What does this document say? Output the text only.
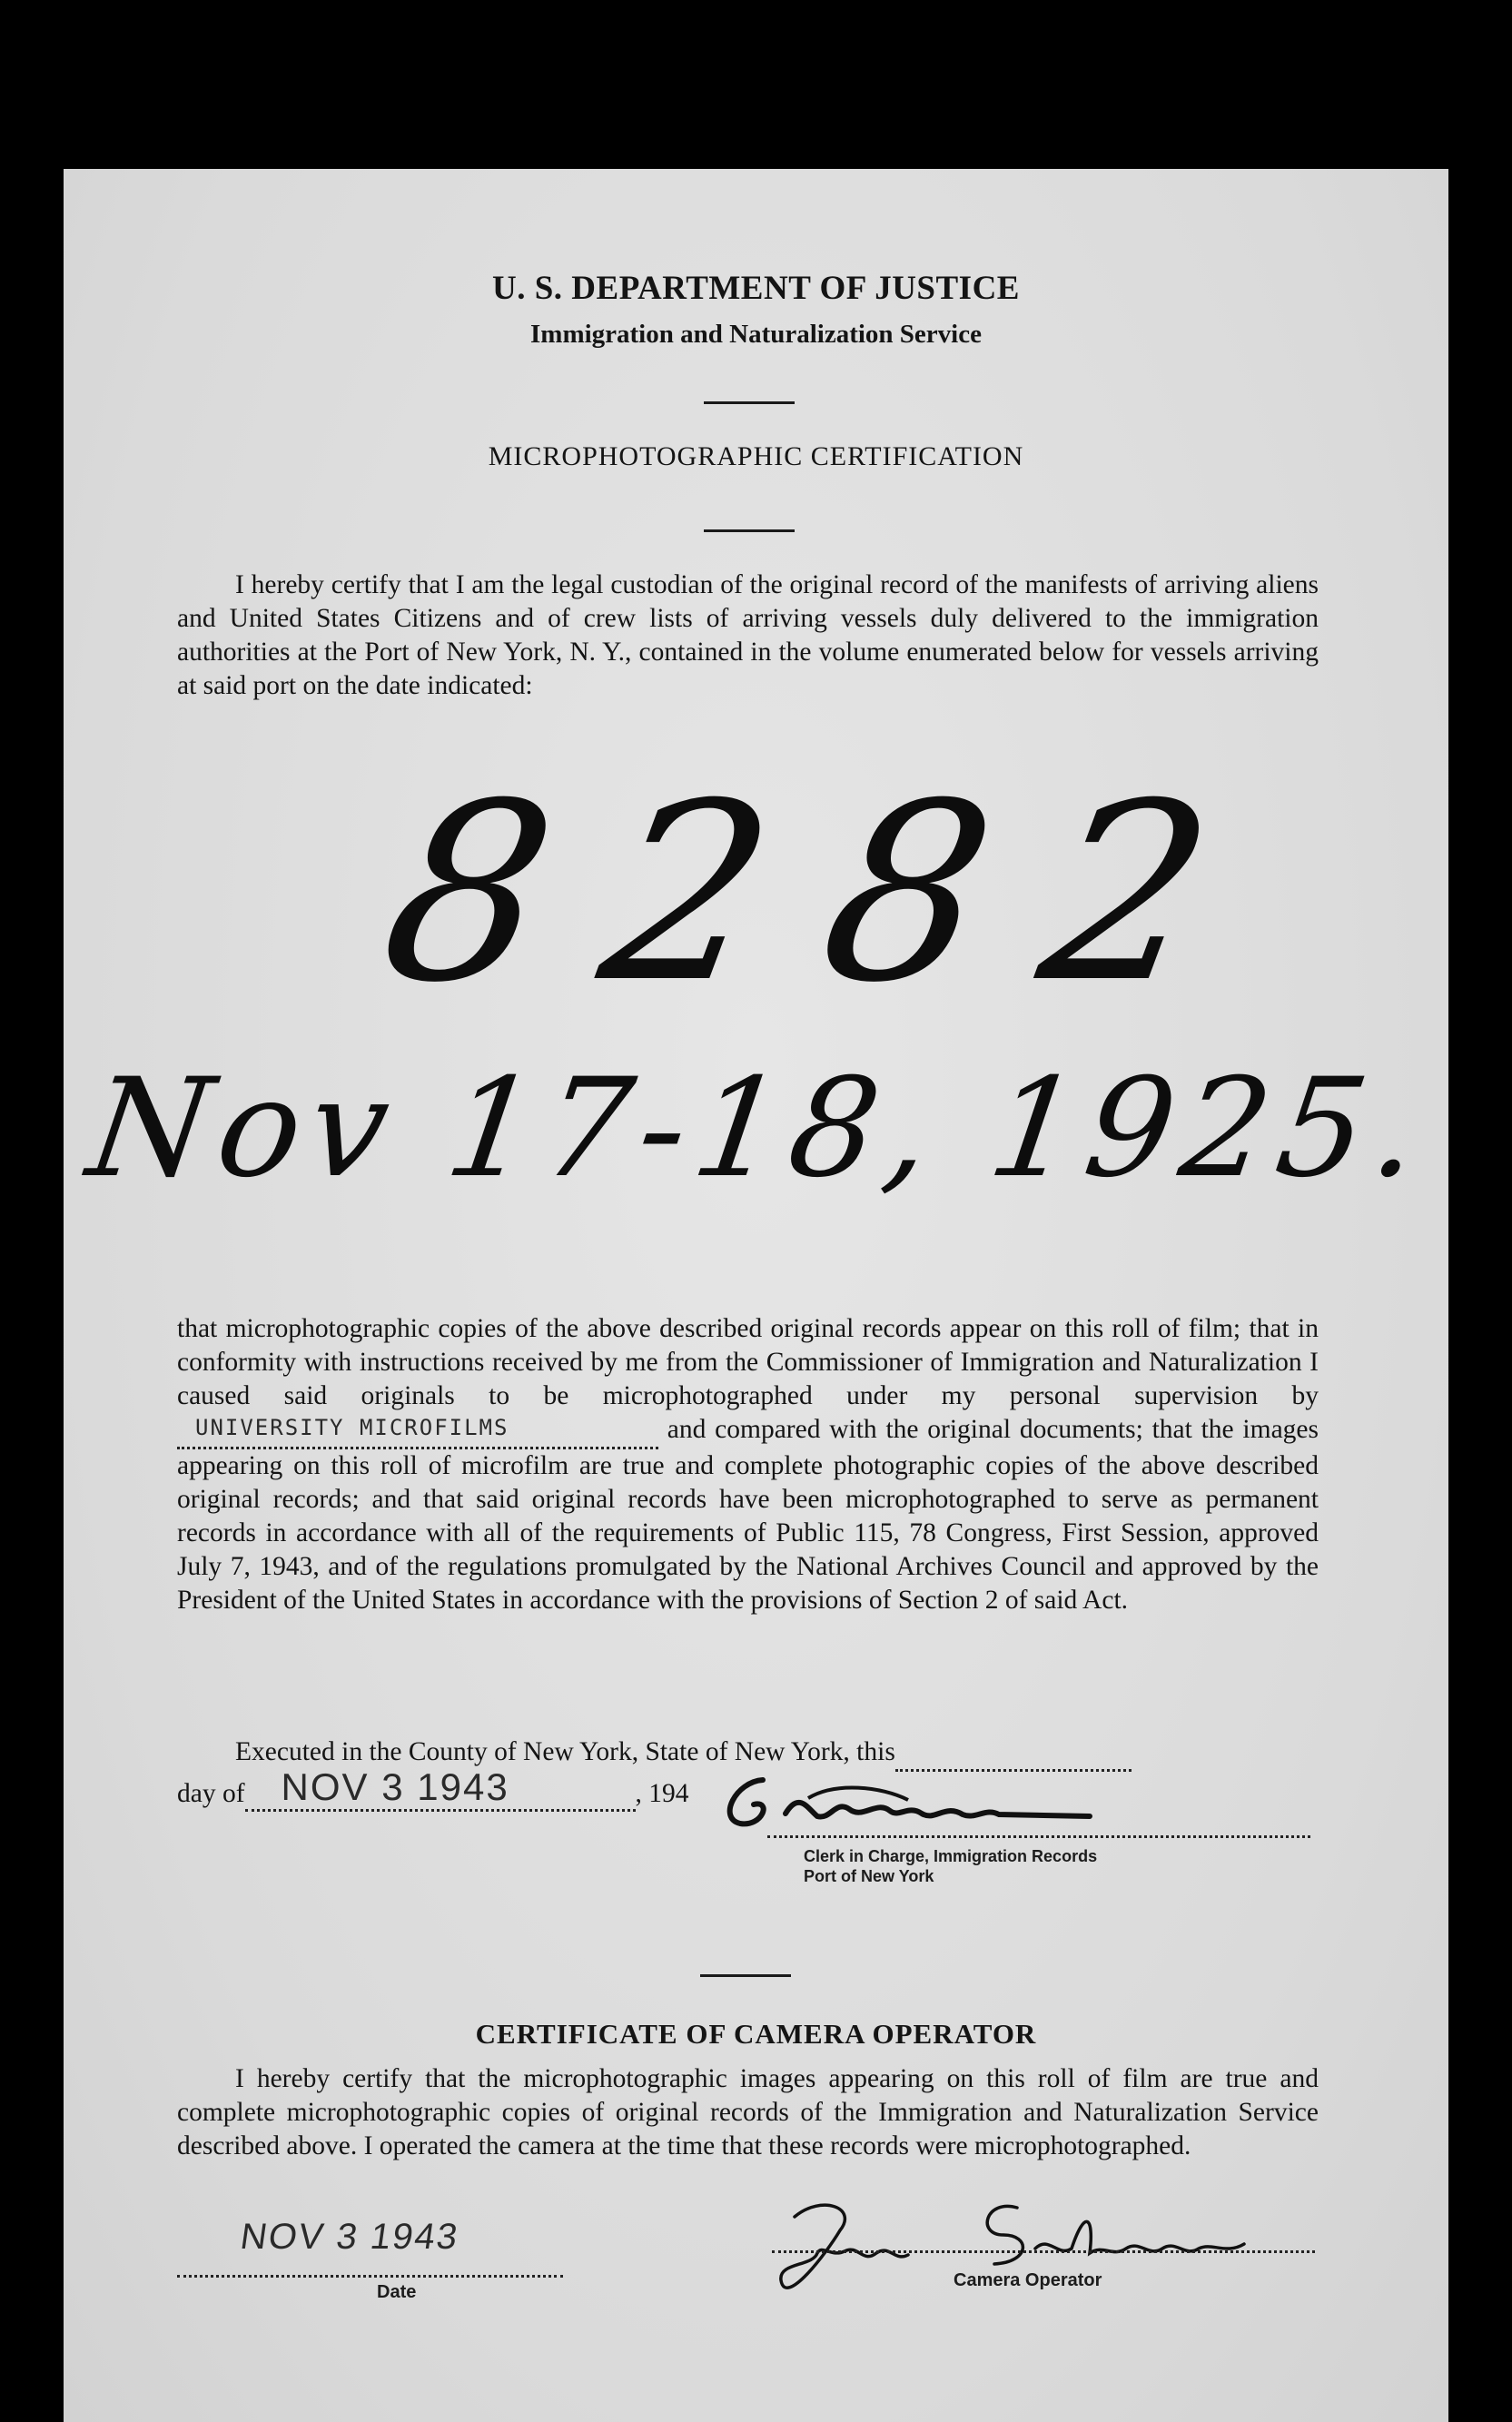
U. S. DEPARTMENT OF JUSTICE
Immigration and Naturalization Service
MICROPHOTOGRAPHIC CERTIFICATION

I hereby certify that I am the legal custodian of the original record of the manifests of arriving aliens and United States Citizens and of crew lists of arriving vessels duly delivered to the immigration authorities at the Port of New York, N. Y., contained in the volume enumerated below for vessels arriving at said port on the date indicated:

8282
Nov 17-18, 1925.

that microphotographic copies of the above described original records appear on this roll of film; that in conformity with instructions received by me from the Commissioner of Immigration and Naturalization I caused said originals to be microphotographed under my personal supervision by
UNIVERSITY MICROFILMS	and compared with the original documents; that the images appearing on this roll of microfilm are true and complete photographic copies of the above described original records; and that said original records have been microphotographed to serve as permanent records in accordance with all of the requirements of Public 115, 78 Congress, First Session, approved July 7, 1943, and of the regulations promulgated by the National Archives Council and approved by the President of the United States in accordance with the provisions of Section 2 of said Act.

Executed in the County of New York, State of New York, this

day of NOV 3 1943	, 194
Clerk in Charge, Immigration Records
Port of New York
CERTIFICATE OF CAMERA OPERATOR

I hereby certify that the microphotographic images appearing on this roll of film are true and complete microphotographic copies of original records of the Immigration and Naturalization Service described above. I operated the camera at the time that these records were microphotographed.

NOV 3 1943
Date
Camera Operator
